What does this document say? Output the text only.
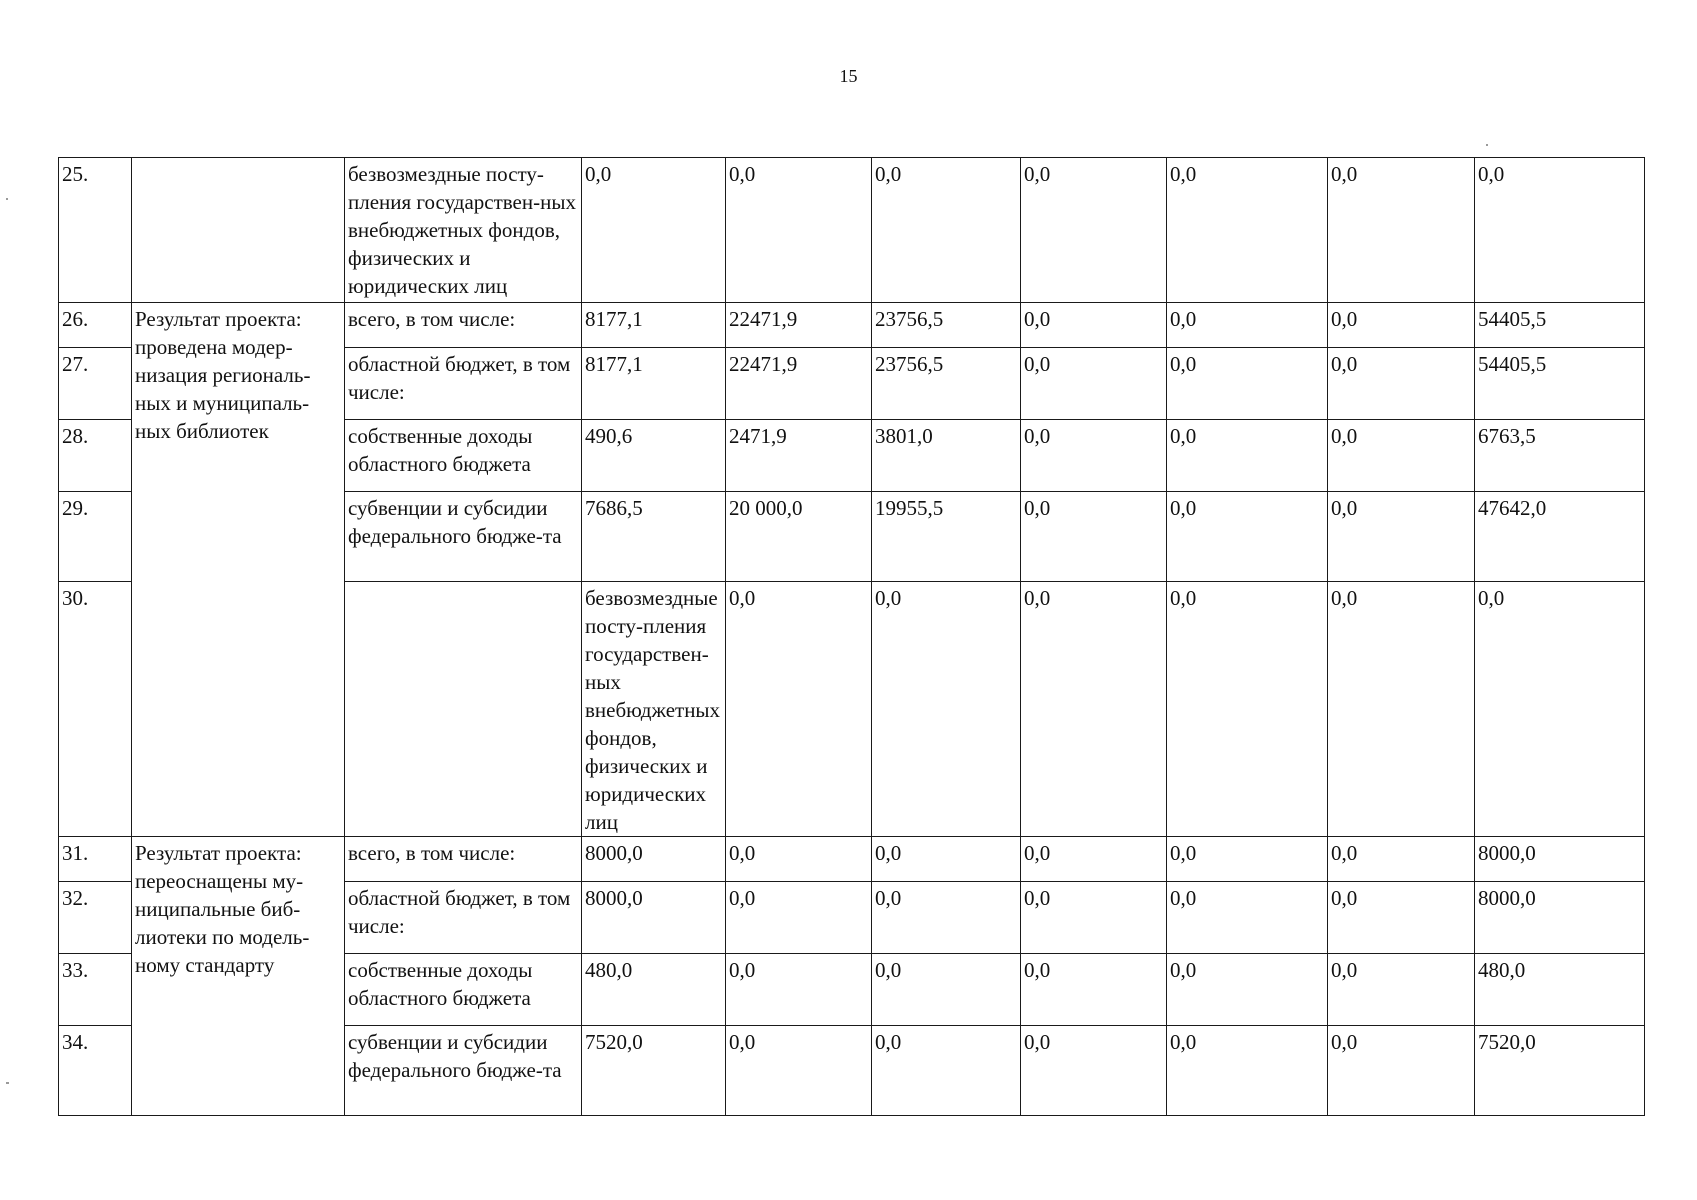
15
25.		безвозмездные посту-пления государствен-ных внебюджетных фондов, физических и юридических лиц	0,0	0,0	0,0	0,0	0,0	0,0	0,0	
26.	Результат проекта: проведена модер-низация региональ-ных и муниципаль-ных библиотек	всего, в том числе:	8177,1	22471,9	23756,5	0,0	0,0	0,0	54405,5	
27.		областной бюджет, в том числе:	8177,1	22471,9	23756,5	0,0	0,0	0,0	54405,5	
28.		собственные доходы областного бюджета	490,6	2471,9	3801,0	0,0	0,0	0,0	6763,5	
29.		субвенции и субсидии федерального бюдже-та	7686,5	20 000,0	19955,5	0,0	0,0	0,0	47642,0	
30.			безвозмездные посту-пления государствен-ных внебюджетных фондов, физических и юридических лиц	0,0	0,0	0,0	0,0	0,0	0,0	
31.	Результат проекта: переоснащены му-ниципальные биб-лиотеки по модель-ному стандарту	всего, в том числе:	8000,0	0,0	0,0	0,0	0,0	0,0	8000,0	
32.		областной бюджет, в том числе:	8000,0	0,0	0,0	0,0	0,0	0,0	8000,0	
33.		собственные доходы областного бюджета	480,0	0,0	0,0	0,0	0,0	0,0	480,0	
34.		субвенции и субсидии федерального бюдже-та	7520,0	0,0	0,0	0,0	0,0	0,0	7520,0	
